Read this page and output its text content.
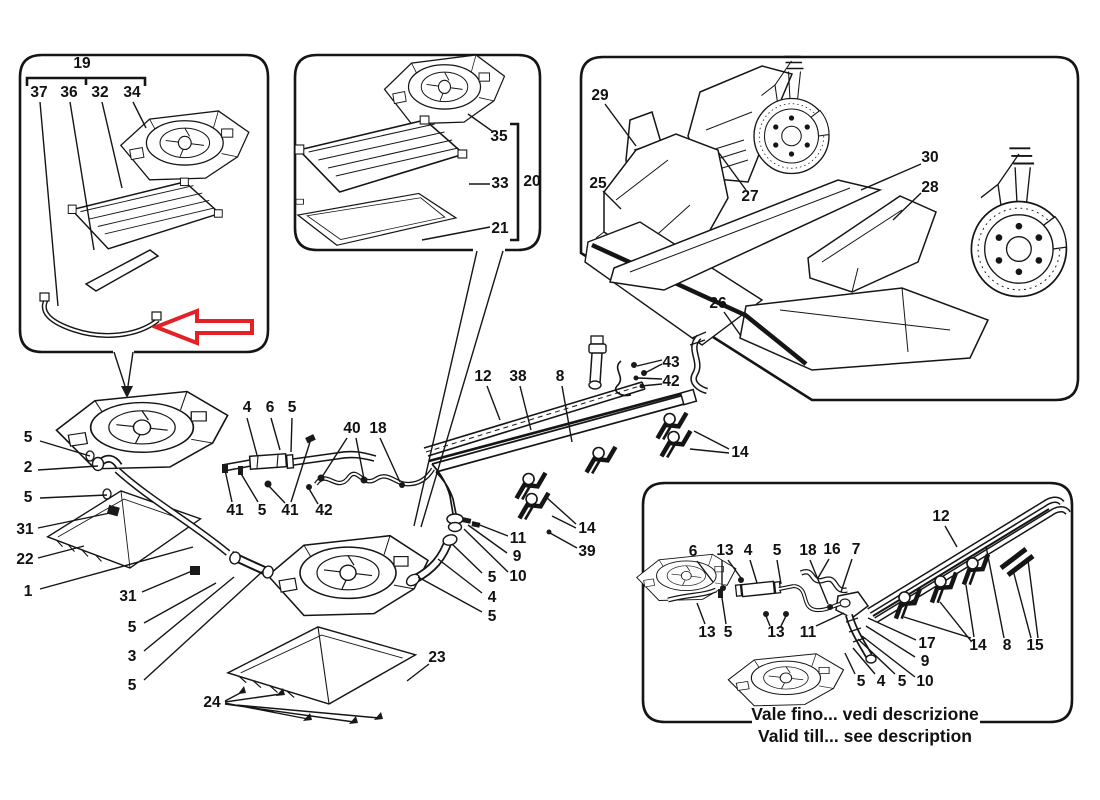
19
37 36 32 34
35
33 20
21
29
25
27
30
28
26
12 38 8
43
42
4 6 5
40 18
5
2
5
31
22
1
41 5 41 42
31
5
3
5
11
9
10
5
4
5
14
39
14
23
24
12
6 13 4 5 18 16 7
13 5 13 11
17
9
5 4 5 10
14 8 15
Vale fino... vedi descrizione
Valid till... see description
